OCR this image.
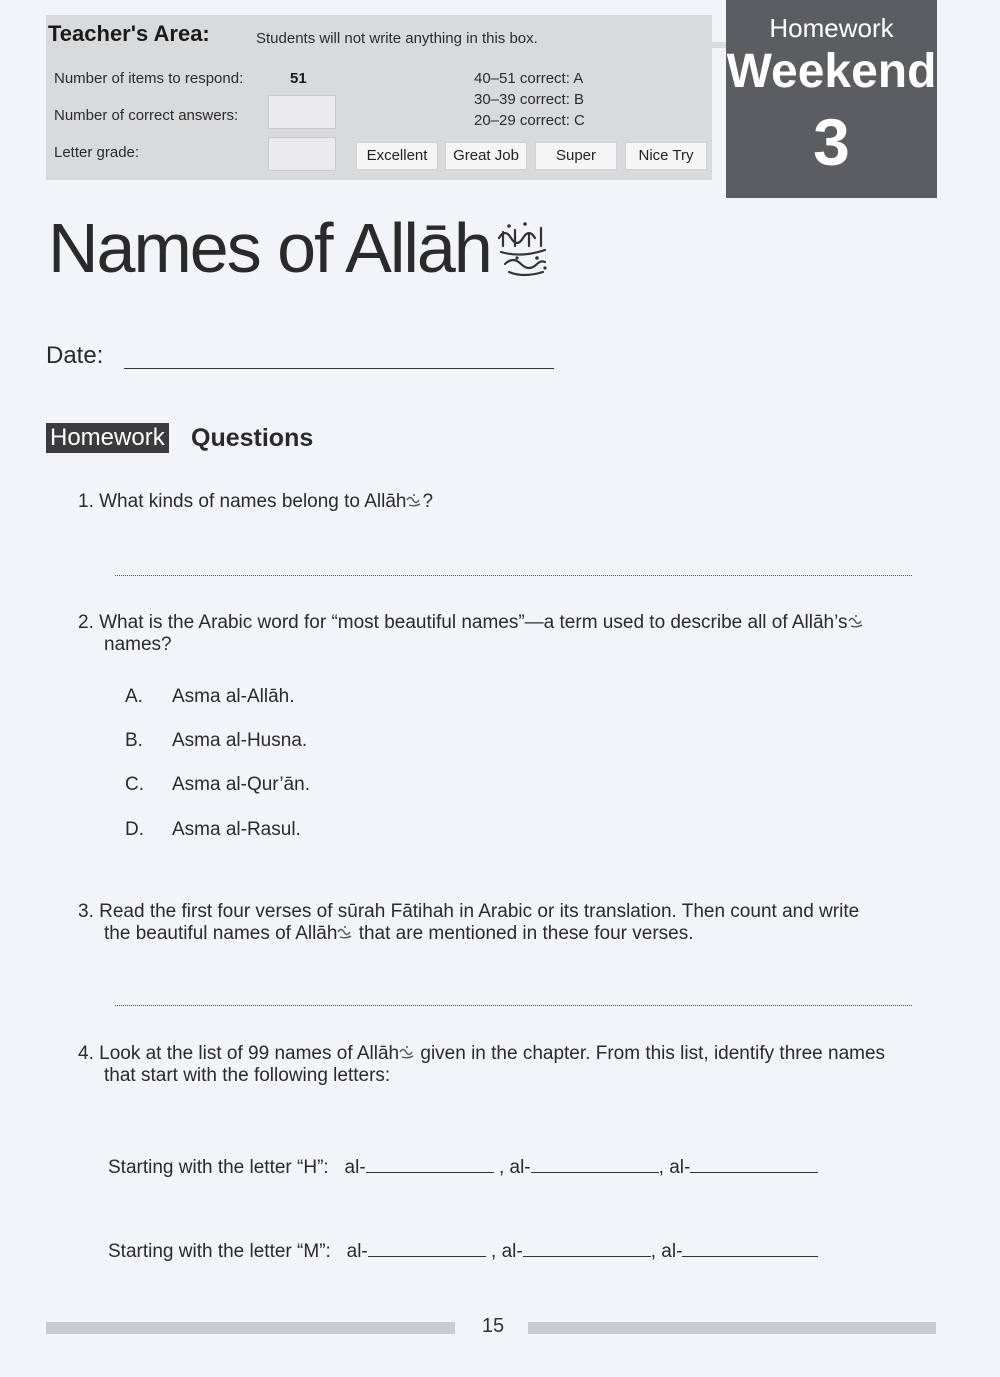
Teacher's Area:	Students will not write anything in this box.
Number of items to respond:	51
Number of correct answers:
Letter grade:
40–51 correct: A
30–39 correct: B
20–29 correct: C
Excellent	Great Job	Super	Nice Try
Homework
Weekend
3
Names of Allāh
Date:
Homework Questions
1. What kinds of names belong to Allāh ?
2. What is the Arabic word for “most beautiful names”—a term used to describe all of Allāh’s
names?
A. Asma al-Allāh.
B. Asma al-Husna.
C. Asma al-Qur’ān.
D. Asma al-Rasul.
3. Read the first four verses of sūrah Fātihah in Arabic or its translation. Then count and write
the beautiful names of Allāh that are mentioned in these four verses.
4. Look at the list of 99 names of Allāh given in the chapter. From this list, identify three names
that start with the following letters:
Starting with the letter “H”: al-	, al-	, al-
Starting with the letter “M”: al-	, al-	, al-
15
